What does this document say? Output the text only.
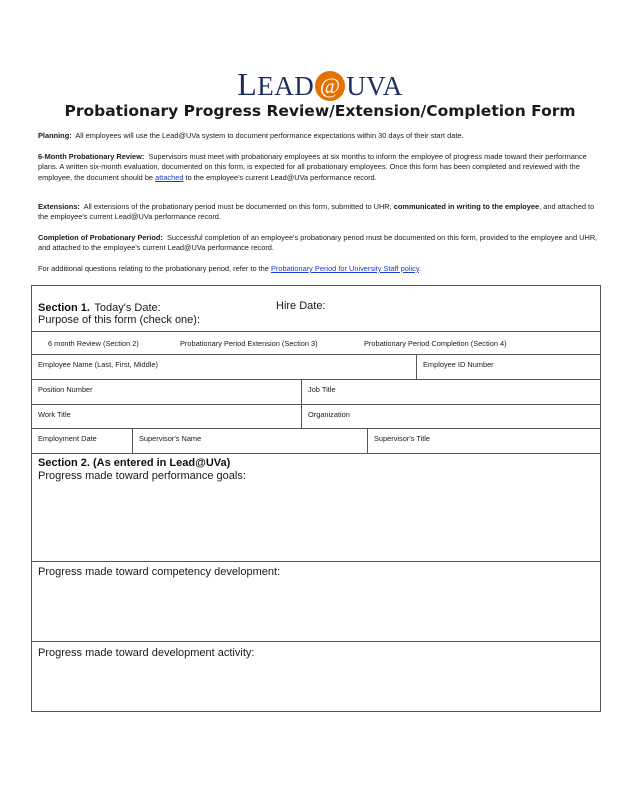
LEAD @ UVA
Probationary Progress Review/Extension/Completion Form
Planning: All employees will use the Lead@UVa system to document performance expectations within 30 days of their start date.
6-Month Probationary Review: Supervisors must meet with probationary employees at six months to inform the employee of progress made toward their performance plans. A written six-month evaluation, documented on this form, is expected for all probationary employees. Once this form has been completed and reviewed with the employee, the document should be attached to the employee's current Lead@UVa performance record.
Extensions: All extensions of the probationary period must be documented on this form, submitted to UHR, communicated in writing to the employee, and attached to the employee's current Lead@UVa performance record.
Completion of Probationary Period: Successful completion of an employee's probationary period must be documented on this form, provided to the employee and UHR, and attached to the employee's current Lead@UVa performance record.
For additional questions relating to the probationary period, refer to the Probationary Period for University Staff policy.
Section 1. Today's Date:	Hire Date:
Purpose of this form (check one):
6 month Review (Section 2)	Probationary Period Extension (Section 3)	Probationary Period Completion (Section 4)
Employee Name (Last, First, Middle)	Employee ID Number
Position Number	Job Title
Work Title	Organization
Employment Date	Supervisor's Name	Supervisor's Title
Section 2. (As entered in Lead@UVa)
Progress made toward performance goals:
Progress made toward competency development:
Progress made toward development activity:
